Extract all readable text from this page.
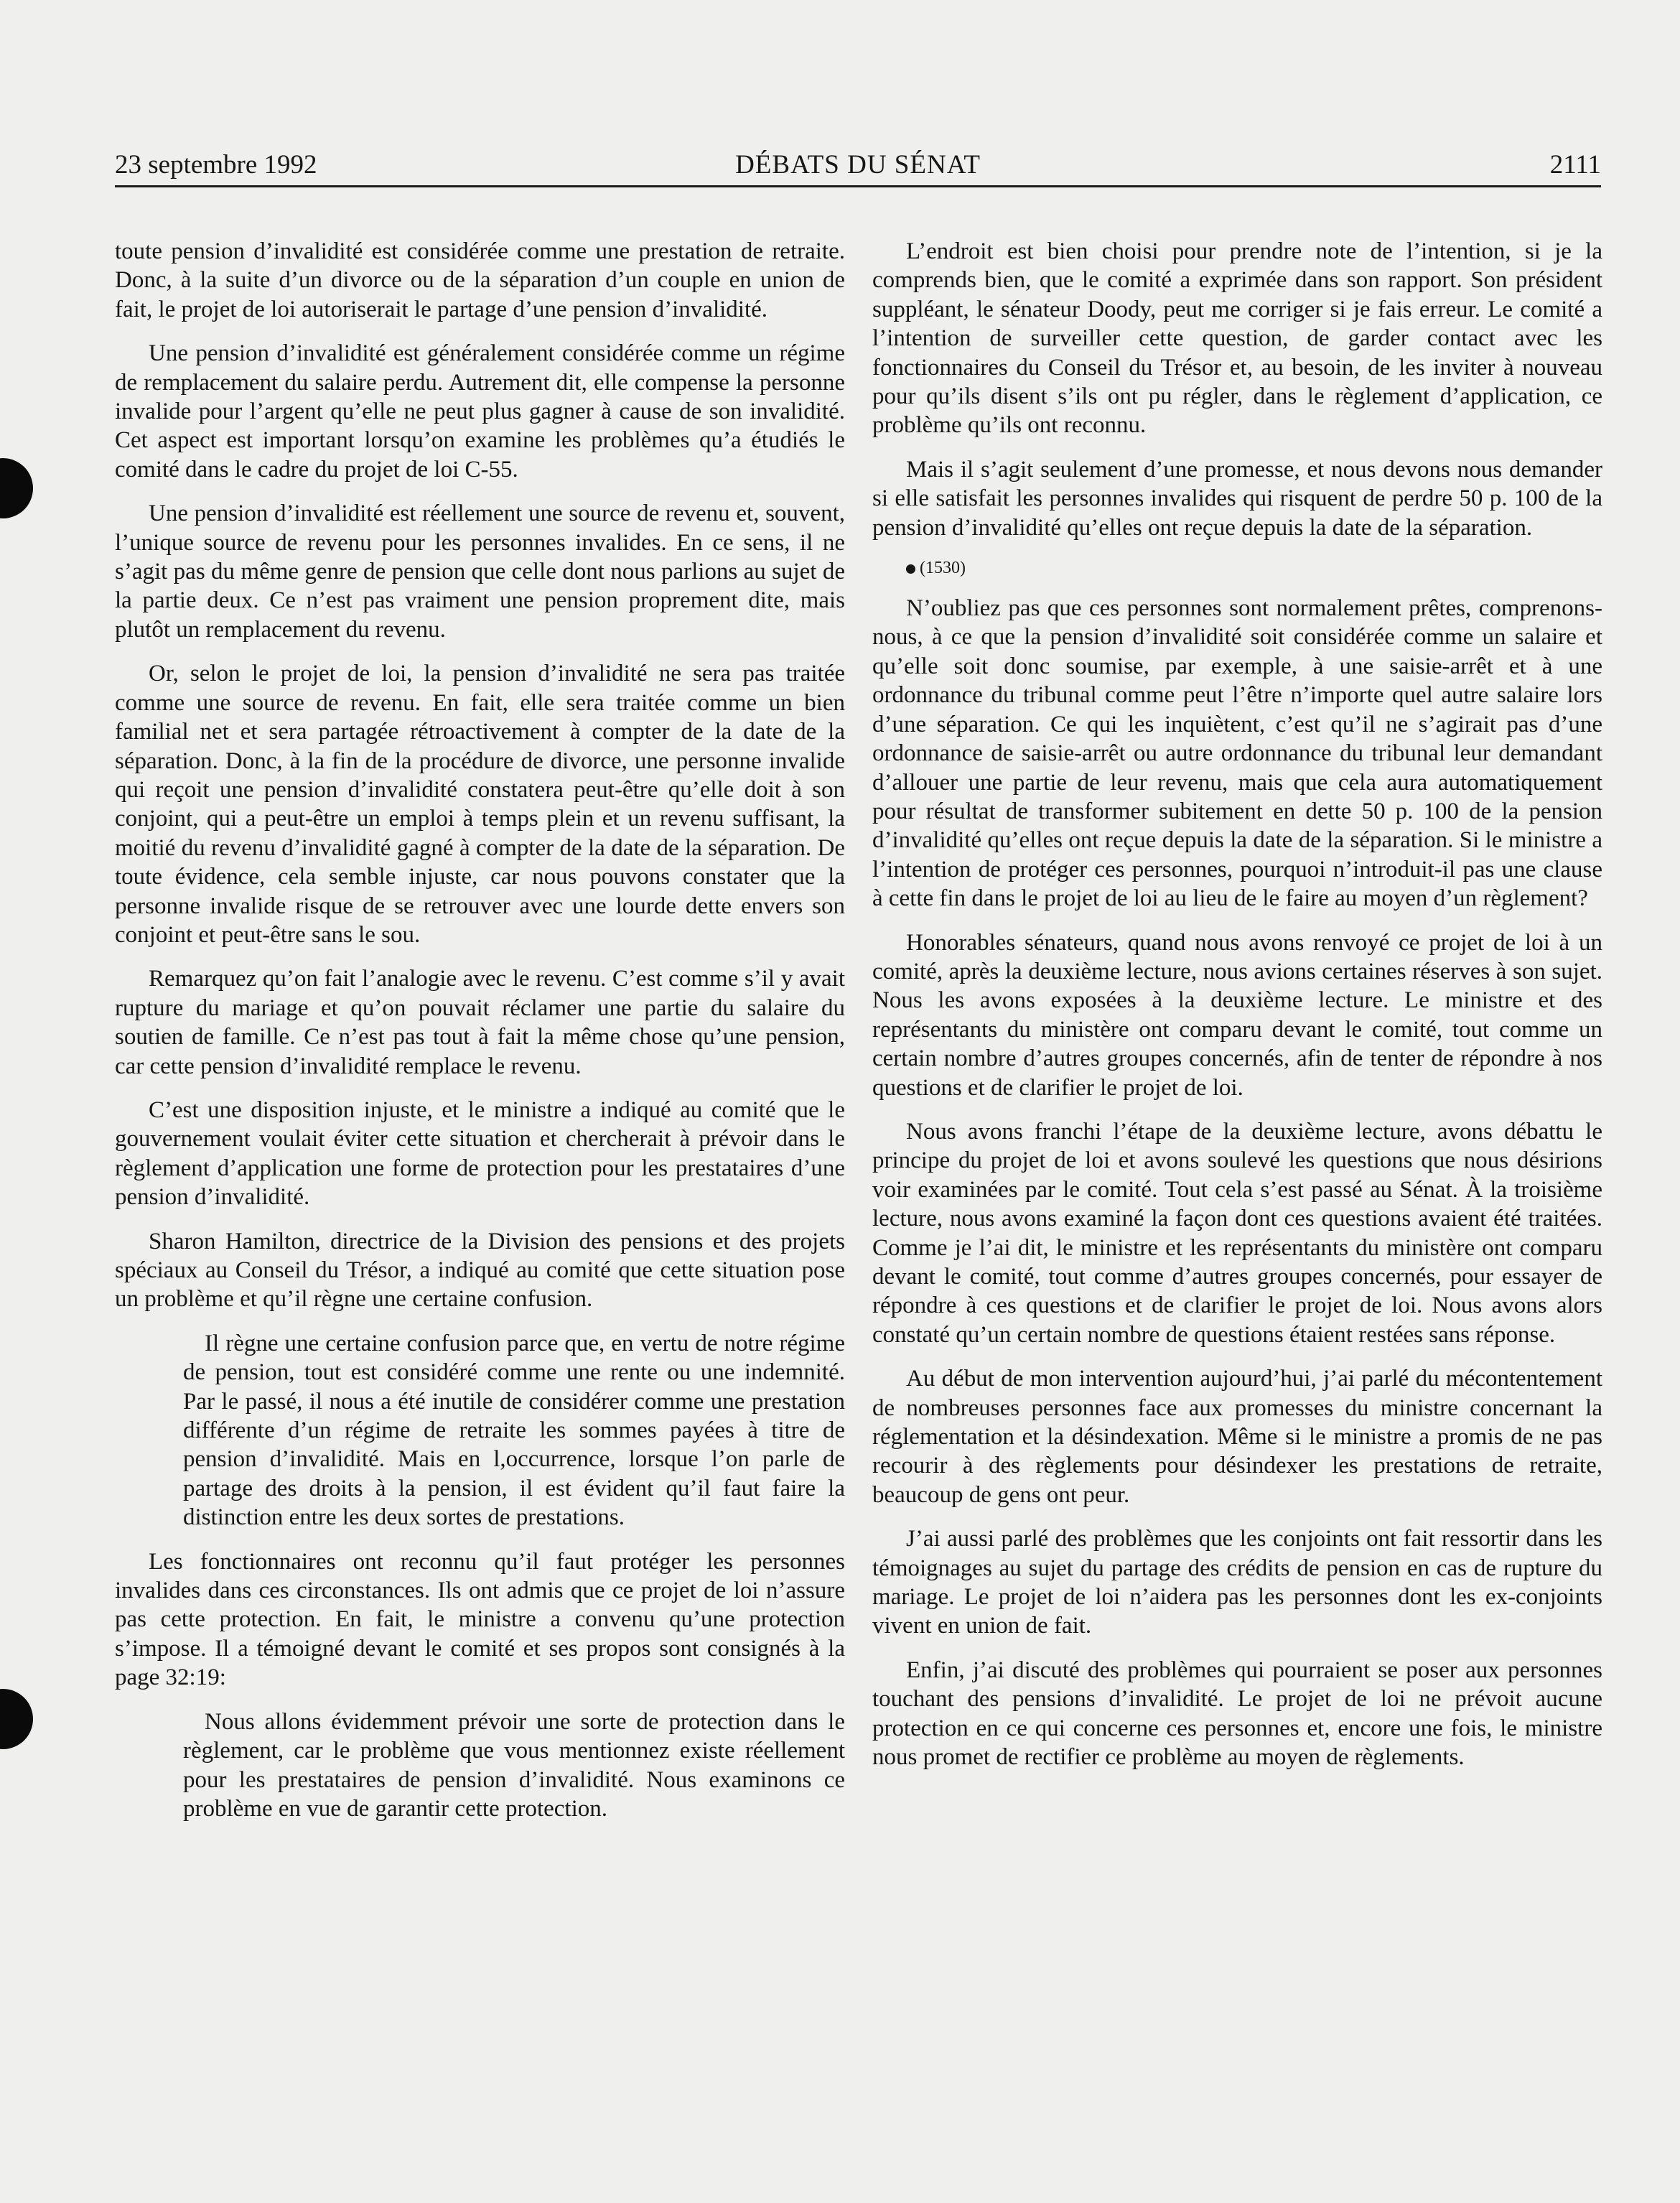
23 septembre 1992	DÉBATS DU SÉNAT	2111

toute pension d’invalidité est considérée comme une prestation de retraite. Donc, à la suite d’un divorce ou de la séparation d’un couple en union de fait, le projet de loi autoriserait le partage d’une pension d’invalidité.

Une pension d’invalidité est généralement considérée comme un régime de remplacement du salaire perdu. Autrement dit, elle compense la personne invalide pour l’argent qu’elle ne peut plus gagner à cause de son invalidité. Cet aspect est important lorsqu’on examine les problèmes qu’a étudiés le comité dans le cadre du projet de loi C-55.

Une pension d’invalidité est réellement une source de revenu et, souvent, l’unique source de revenu pour les personnes invalides. En ce sens, il ne s’agit pas du même genre de pension que celle dont nous parlions au sujet de la partie deux. Ce n’est pas vraiment une pension proprement dite, mais plutôt un remplacement du revenu.

Or, selon le projet de loi, la pension d’invalidité ne sera pas traitée comme une source de revenu. En fait, elle sera traitée comme un bien familial net et sera partagée rétroactivement à compter de la date de la séparation. Donc, à la fin de la procédure de divorce, une personne invalide qui reçoit une pension d’invalidité constatera peut-être qu’elle doit à son conjoint, qui a peut-être un emploi à temps plein et un revenu suffisant, la moitié du revenu d’invalidité gagné à compter de la date de la séparation. De toute évidence, cela semble injuste, car nous pouvons constater que la personne invalide risque de se retrouver avec une lourde dette envers son conjoint et peut-être sans le sou.

Remarquez qu’on fait l’analogie avec le revenu. C’est comme s’il y avait rupture du mariage et qu’on pouvait réclamer une partie du salaire du soutien de famille. Ce n’est pas tout à fait la même chose qu’une pension, car cette pension d’invalidité remplace le revenu.

C’est une disposition injuste, et le ministre a indiqué au comité que le gouvernement voulait éviter cette situation et chercherait à prévoir dans le règlement d’application une forme de protection pour les prestataires d’une pension d’invalidité.

Sharon Hamilton, directrice de la Division des pensions et des projets spéciaux au Conseil du Trésor, a indiqué au comité que cette situation pose un problème et qu’il règne une certaine confusion.

Il règne une certaine confusion parce que, en vertu de notre régime de pension, tout est considéré comme une rente ou une indemnité. Par le passé, il nous a été inutile de considérer comme une prestation différente d’un régime de retraite les sommes payées à titre de pension d’invalidité. Mais en l,occurrence, lorsque l’on parle de partage des droits à la pension, il est évident qu’il faut faire la distinction entre les deux sortes de prestations.

Les fonctionnaires ont reconnu qu’il faut protéger les personnes invalides dans ces circonstances. Ils ont admis que ce projet de loi n’assure pas cette protection. En fait, le ministre a convenu qu’une protection s’impose. Il a témoigné devant le comité et ses propos sont consignés à la page 32:19:

Nous allons évidemment prévoir une sorte de protection dans le règlement, car le problème que vous mentionnez existe réellement pour les prestataires de pension d’invalidité. Nous examinons ce problème en vue de garantir cette protection.

L’endroit est bien choisi pour prendre note de l’intention, si je la comprends bien, que le comité a exprimée dans son rapport. Son président suppléant, le sénateur Doody, peut me corriger si je fais erreur. Le comité a l’intention de surveiller cette question, de garder contact avec les fonctionnaires du Conseil du Trésor et, au besoin, de les inviter à nouveau pour qu’ils disent s’ils ont pu régler, dans le règlement d’application, ce problème qu’ils ont reconnu.

Mais il s’agit seulement d’une promesse, et nous devons nous demander si elle satisfait les personnes invalides qui risquent de perdre 50 p. 100 de la pension d’invalidité qu’elles ont reçue depuis la date de la séparation.

(1530)

N’oubliez pas que ces personnes sont normalement prêtes, comprenons-nous, à ce que la pension d’invalidité soit considérée comme un salaire et qu’elle soit donc soumise, par exemple, à une saisie-arrêt et à une ordonnance du tribunal comme peut l’être n’importe quel autre salaire lors d’une séparation. Ce qui les inquiètent, c’est qu’il ne s’agirait pas d’une ordonnance de saisie-arrêt ou autre ordonnance du tribunal leur demandant d’allouer une partie de leur revenu, mais que cela aura automatiquement pour résultat de transformer subitement en dette 50 p. 100 de la pension d’invalidité qu’elles ont reçue depuis la date de la séparation. Si le ministre a l’intention de protéger ces personnes, pourquoi n’introduit-il pas une clause à cette fin dans le projet de loi au lieu de le faire au moyen d’un règlement?

Honorables sénateurs, quand nous avons renvoyé ce projet de loi à un comité, après la deuxième lecture, nous avions certaines réserves à son sujet. Nous les avons exposées à la deuxième lecture. Le ministre et des représentants du ministère ont comparu devant le comité, tout comme un certain nombre d’autres groupes concernés, afin de tenter de répondre à nos questions et de clarifier le projet de loi.

Nous avons franchi l’étape de la deuxième lecture, avons débattu le principe du projet de loi et avons soulevé les questions que nous désirions voir examinées par le comité. Tout cela s’est passé au Sénat. À la troisième lecture, nous avons examiné la façon dont ces questions avaient été traitées. Comme je l’ai dit, le ministre et les représentants du ministère ont comparu devant le comité, tout comme d’autres groupes concernés, pour essayer de répondre à ces questions et de clarifier le projet de loi. Nous avons alors constaté qu’un certain nombre de questions étaient restées sans réponse.

Au début de mon intervention aujourd’hui, j’ai parlé du mécontentement de nombreuses personnes face aux promesses du ministre concernant la réglementation et la désindexation. Même si le ministre a promis de ne pas recourir à des règlements pour désindexer les prestations de retraite, beaucoup de gens ont peur.

J’ai aussi parlé des problèmes que les conjoints ont fait ressortir dans les témoignages au sujet du partage des crédits de pension en cas de rupture du mariage. Le projet de loi n’aidera pas les personnes dont les ex-conjoints vivent en union de fait.

Enfin, j’ai discuté des problèmes qui pourraient se poser aux personnes touchant des pensions d’invalidité. Le projet de loi ne prévoit aucune protection en ce qui concerne ces personnes et, encore une fois, le ministre nous promet de rectifier ce problème au moyen de règlements.
